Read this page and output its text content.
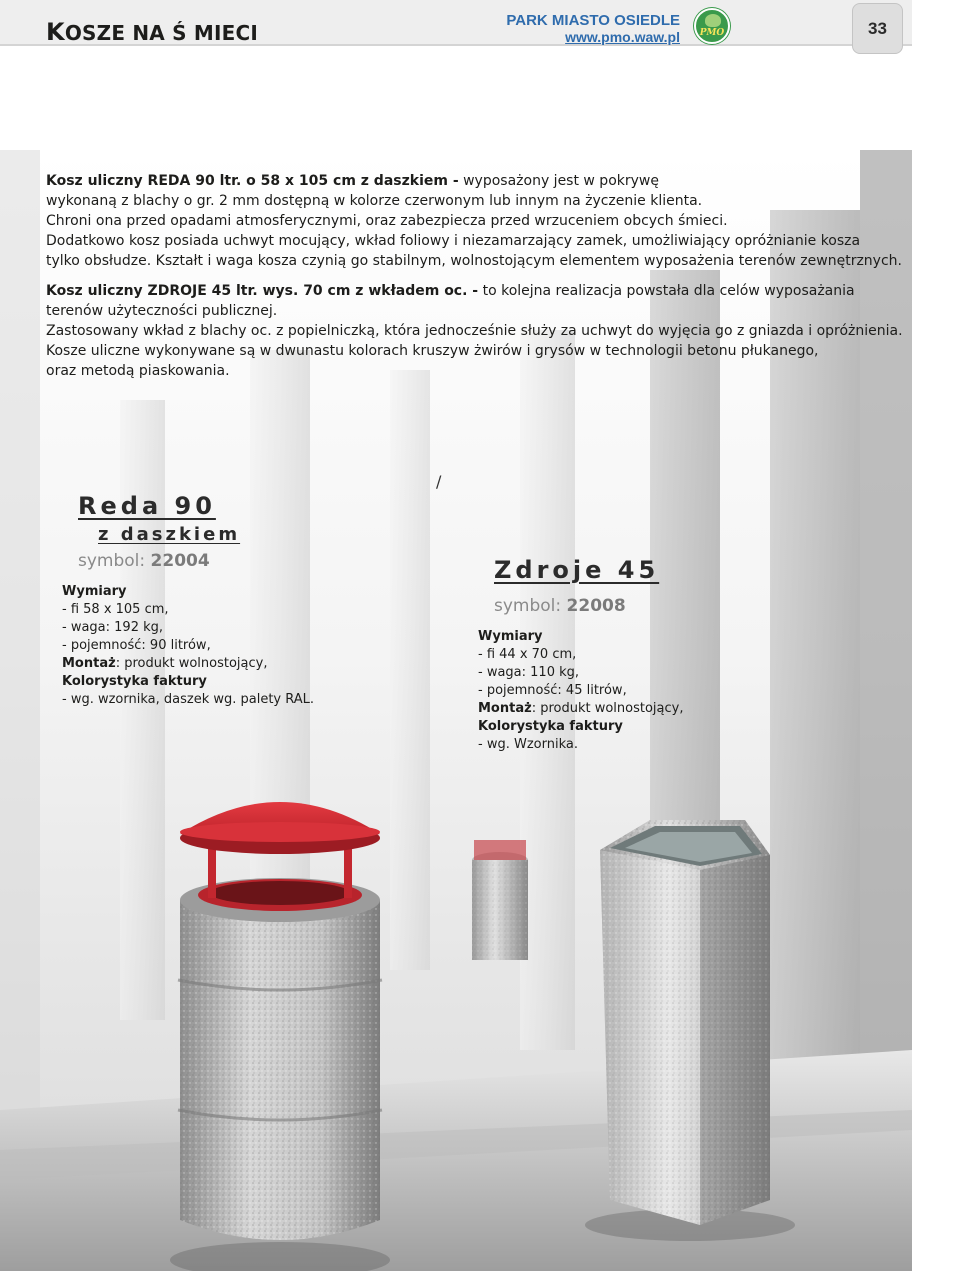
KOSZE NA Ś MIECI
PARK MIASTO OSIEDLE
www.pmo.waw.pl	PMO	33

Kosz uliczny REDA 90 ltr. o 58 x 105 cm z daszkiem - wyposażony jest w pokrywę

wykonaną z blachy o gr. 2 mm dostępną w kolorze czerwonym lub innym na życzenie klienta.

Chroni ona przed opadami atmosferycznymi, oraz zabezpiecza przed wrzuceniem obcych śmieci.

Dodatkowo kosz posiada uchwyt mocujący, wkład foliowy i niezamarzający zamek, umożliwiający opróżnianie kosza

tylko obsłudze. Kształt i waga kosza czynią go stabilnym, wolnostojącym elementem wyposażenia terenów zewnętrznych.

Kosz uliczny ZDROJE 45 ltr. wys. 70 cm z wkładem oc. - to kolejna realizacja powstała dla celów wyposażania

terenów użyteczności publicznej.

Zastosowany wkład z blachy oc. z popielniczką, która jednocześnie służy za uchwyt do wyjęcia go z gniazda i opróżnienia.

Kosze uliczne wykonywane są w dwunastu kolorach kruszyw żwirów i grysów w technologii betonu płukanego,

oraz metodą piaskowania.

/
Reda 90
z daszkiem
symbol: 22004
Wymiary
- fi 58 x 105 cm,
- waga: 192 kg,
- pojemność: 90 litrów,
Montaż: produkt wolnostojący,
Kolorystyka faktury
- wg. wzornika, daszek wg. palety RAL.
Zdroje 45
symbol: 22008
Wymiary
- fi 44 x 70 cm,
- waga: 110 kg,
- pojemność: 45 litrów,
Montaż: produkt wolnostojący,
Kolorystyka faktury
- wg. Wzornika.
